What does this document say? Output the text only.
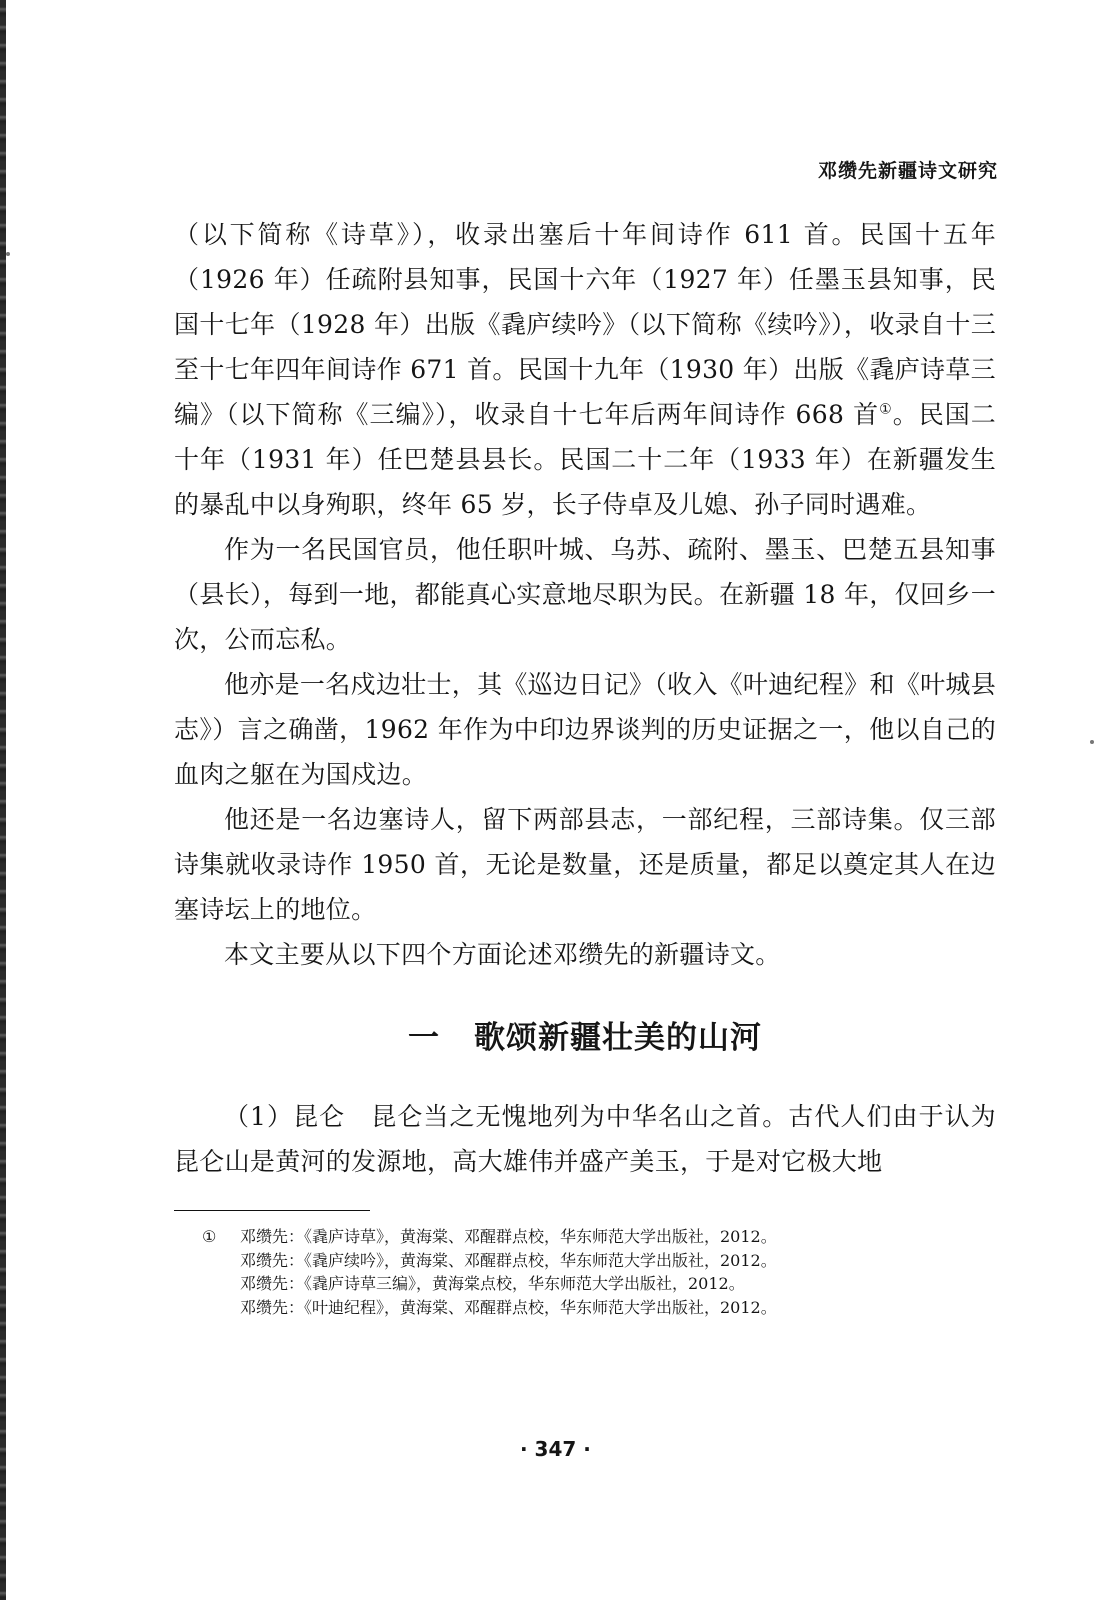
邓缵先新疆诗文研究

（以下简称《诗草》），收录出塞后十年间诗作 611 首。民国十五年（1926 年）任疏附县知事，民国十六年（1927 年）任墨玉县知事，民国十七年（1928 年）出版《毳庐续吟》（以下简称《续吟》），收录自十三至十七年四年间诗作 671 首。民国十九年（1930 年）出版《毳庐诗草三编》（以下简称《三编》），收录自十七年后两年间诗作 668 首①。民国二十年（1931 年）任巴楚县县长。民国二十二年（1933 年）在新疆发生的暴乱中以身殉职，终年 65 岁，长子侍卓及儿媳、孙子同时遇难。

作为一名民国官员，他任职叶城、乌苏、疏附、墨玉、巴楚五县知事（县长），每到一地，都能真心实意地尽职为民。在新疆 18 年，仅回乡一次，公而忘私。

他亦是一名戍边壮士，其《巡边日记》（收入《叶迪纪程》和《叶城县志》）言之确凿，1962 年作为中印边界谈判的历史证据之一，他以自己的血肉之躯在为国戍边。

他还是一名边塞诗人，留下两部县志，一部纪程，三部诗集。仅三部诗集就收录诗作 1950 首，无论是数量，还是质量，都足以奠定其人在边塞诗坛上的地位。

本文主要从以下四个方面论述邓缵先的新疆诗文。

一 歌颂新疆壮美的山河

（1）昆仑　昆仑当之无愧地列为中华名山之首。古代人们由于认为昆仑山是黄河的发源地，高大雄伟并盛产美玉，于是对它极大地

① 邓缵先：《毳庐诗草》，黄海棠、邓醒群点校，华东师范大学出版社，2012。
邓缵先：《毳庐续吟》，黄海棠、邓醒群点校，华东师范大学出版社，2012。
邓缵先：《毳庐诗草三编》，黄海棠点校，华东师范大学出版社，2012。
邓缵先：《叶迪纪程》，黄海棠、邓醒群点校，华东师范大学出版社，2012。

· 347 ·
